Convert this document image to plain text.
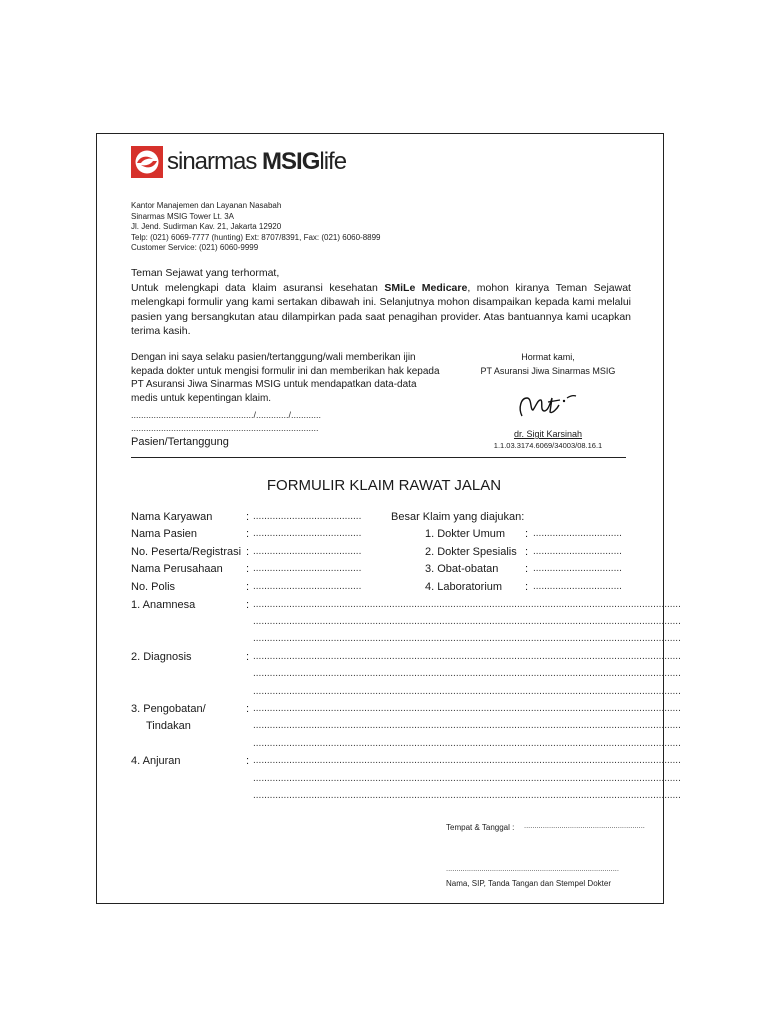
sinarmas MSIGlife
Kantor Manajemen dan Layanan Nasabah
Sinarmas MSIG Tower Lt. 3A
Jl. Jend. Sudirman Kav. 21, Jakarta 12920
Telp: (021) 6069-7777 (hunting) Ext: 8707/8391, Fax: (021) 6060-8899
Customer Service: (021) 6060-9999
Teman Sejawat yang terhormat,
Untuk melengkapi data klaim asuransi kesehatan SMiLe Medicare, mohon kiranya Teman Sejawat melengkapi formulir yang kami sertakan dibawah ini. Selanjutnya mohon disampaikan kepada kami melalui pasien yang bersangkutan atau dilampirkan pada saat penagihan provider. Atas bantuannya kami ucapkan terima kasih.
Dengan ini saya selaku pasien/tertanggung/wali memberikan ijin kepada dokter untuk mengisi formulir ini dan memberikan hak kepada PT Asuransi Jiwa Sinarmas MSIG untuk mendapatkan data-data medis untuk kepentingan klaim.
................................................./............./............
...........................................................................
Pasien/Tertanggung
Hormat kami,
PT Asuransi Jiwa Sinarmas MSIG
dr. Sigit Karsinah
1.1.03.3174.6069/34003/08.16.1
FORMULIR KLAIM RAWAT JALAN
Nama Karyawan	: .......................................
Nama Pasien	: .......................................
No. Peserta/Registrasi : .......................................
Nama Perusahaan : .......................................
No. Polis	: .......................................
Besar Klaim yang diajukan:
1. Dokter Umum : ................................
2. Dokter Spesialis : ................................
3. Obat-obatan : ................................
4. Laboratorium : ................................
1. Anamnesa	: ..........................................................................................................................................................
..........................................................................................................................................................
..........................................................................................................................................................
2. Diagnosis	: ..........................................................................................................................................................
..........................................................................................................................................................
..........................................................................................................................................................
3. Pengobatan/
Tindakan
: ..........................................................................................................................................................
..........................................................................................................................................................
..........................................................................................................................................................
4. Anjuran	: ..........................................................................................................................................................
..........................................................................................................................................................
..........................................................................................................................................................
Tempat & Tanggal : ..........................................................
...................................................................................
Nama, SIP, Tanda Tangan dan Stempel Dokter
